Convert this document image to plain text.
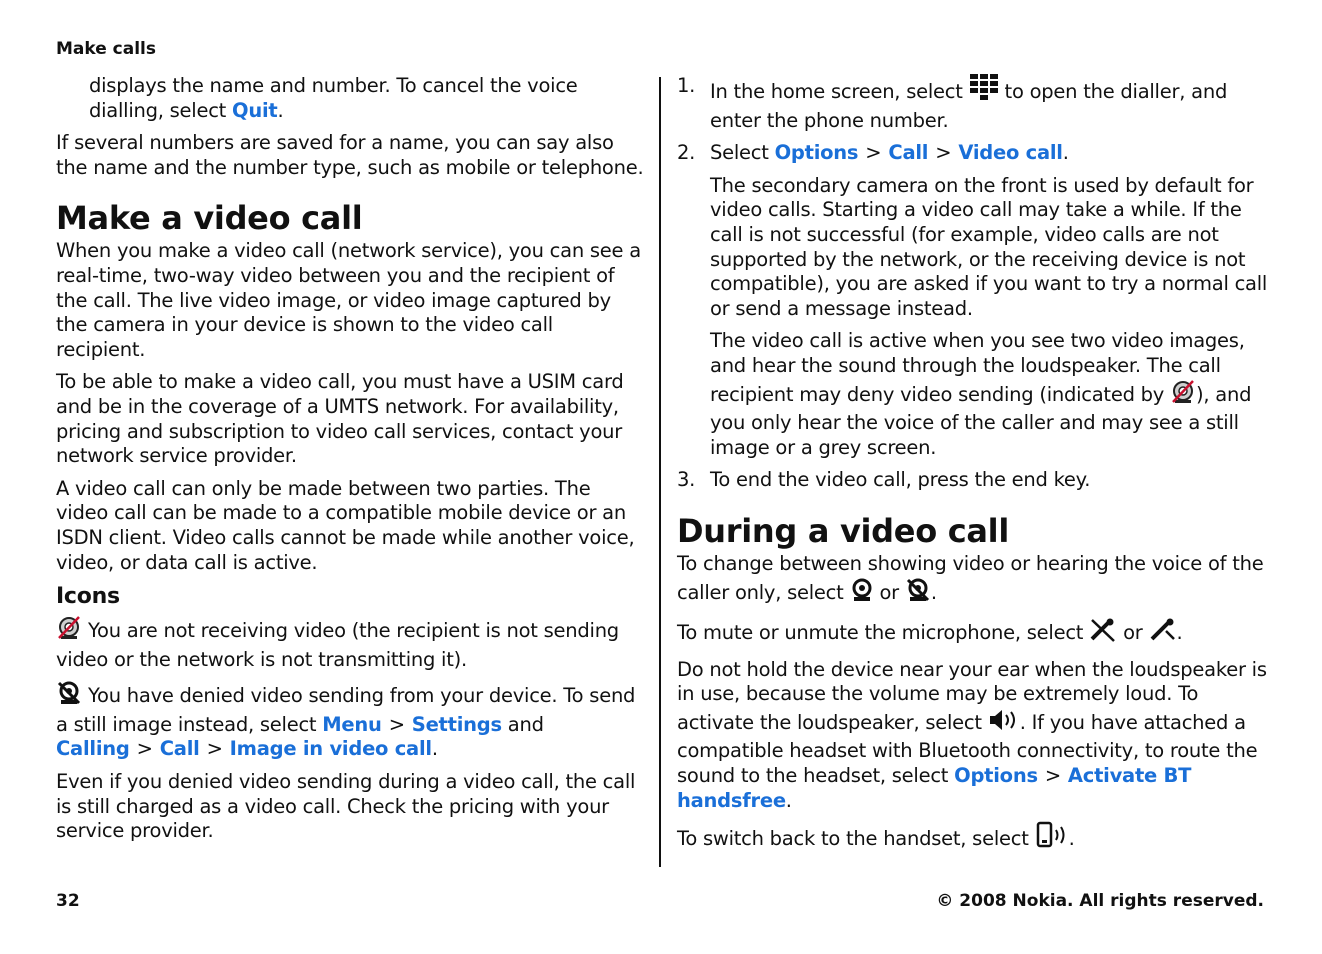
Make calls

displays the name and number. To cancel the voice dialling, select Quit.

If several numbers are saved for a name, you can say also the name and the number type, such as mobile or telephone.

Make a video call

When you make a video call (network service), you can see a real-time, two-way video between you and the recipient of the call. The live video image, or video image captured by the camera in your device is shown to the video call recipient.

To be able to make a video call, you must have a USIM card and be in the coverage of a UMTS network. For availability, pricing and subscription to video call services, contact your network service provider.

A video call can only be made between two parties. The video call can be made to a compatible mobile device or an ISDN client. Video calls cannot be made while another voice, video, or data call is active.

Icons

You are not receiving video (the recipient is not sending video or the network is not transmitting it).

You have denied video sending from your device. To send a still image instead, select Menu > Settings and Calling > Call > Image in video call.

Even if you denied video sending during a video call, the call is still charged as a video call. Check the pricing with your service provider.

1. In the home screen, select  to open the dialler, and enter the phone number.

2. Select Options > Call > Video call.

The secondary camera on the front is used by default for video calls. Starting a video call may take a while. If the call is not successful (for example, video calls are not supported by the network, or the receiving device is not compatible), you are asked if you want to try a normal call or send a message instead.

The video call is active when you see two video images, and hear the sound through the loudspeaker. The call recipient may deny video sending (indicated by ), and you only hear the voice of the caller and may see a still image or a grey screen.

3. To end the video call, press the end key.

During a video call

To change between showing video or hearing the voice of the caller only, select  or .

To mute or unmute the microphone, select  or .

Do not hold the device near your ear when the loudspeaker is in use, because the volume may be extremely loud. To activate the loudspeaker, select . If you have attached a compatible headset with Bluetooth connectivity, to route the sound to the headset, select Options > Activate BT handsfree.

To switch back to the handset, select .

32	© 2008 Nokia. All rights reserved.
